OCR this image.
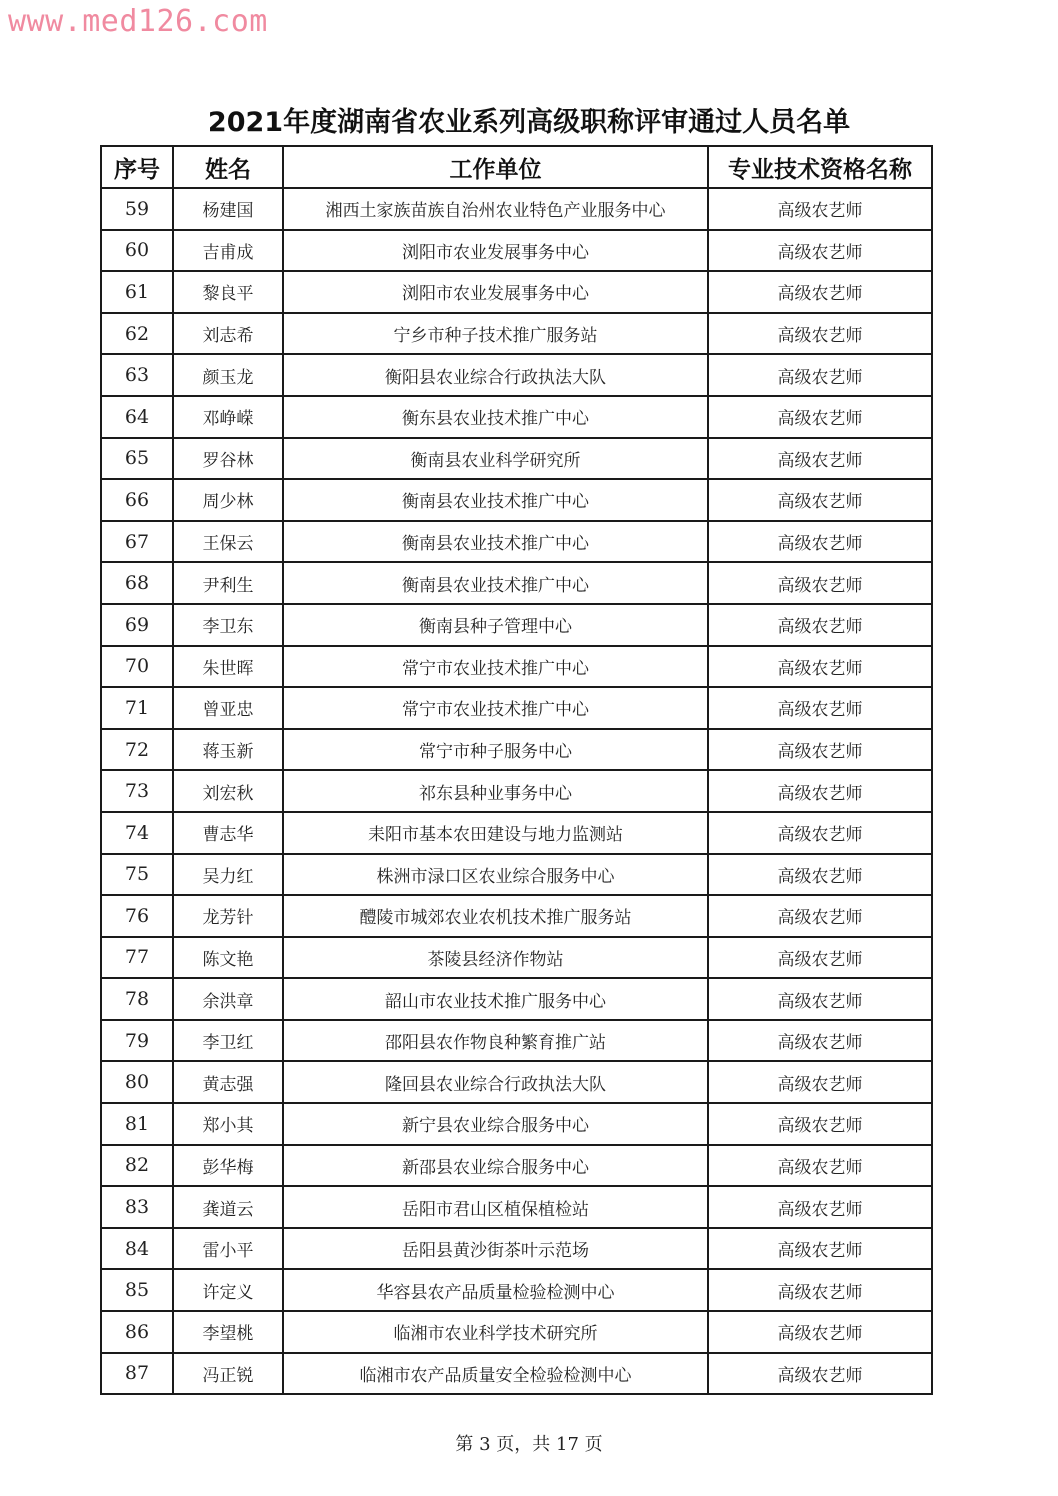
www.med126.com
2021年度湖南省农业系列高级职称评审通过人员名单
序号	姓名	工作单位	专业技术资格名称
59	杨建国	湘西土家族苗族自治州农业特色产业服务中心	高级农艺师
60	吉甫成	浏阳市农业发展事务中心	高级农艺师
61	黎良平	浏阳市农业发展事务中心	高级农艺师
62	刘志希	宁乡市种子技术推广服务站	高级农艺师
63	颜玉龙	衡阳县农业综合行政执法大队	高级农艺师
64	邓峥嵘	衡东县农业技术推广中心	高级农艺师
65	罗谷林	衡南县农业科学研究所	高级农艺师
66	周少林	衡南县农业技术推广中心	高级农艺师
67	王保云	衡南县农业技术推广中心	高级农艺师
68	尹利生	衡南县农业技术推广中心	高级农艺师
69	李卫东	衡南县种子管理中心	高级农艺师
70	朱世晖	常宁市农业技术推广中心	高级农艺师
71	曾亚忠	常宁市农业技术推广中心	高级农艺师
72	蒋玉新	常宁市种子服务中心	高级农艺师
73	刘宏秋	祁东县种业事务中心	高级农艺师
74	曹志华	耒阳市基本农田建设与地力监测站	高级农艺师
75	吴力红	株洲市渌口区农业综合服务中心	高级农艺师
76	龙芳针	醴陵市城郊农业农机技术推广服务站	高级农艺师
77	陈文艳	茶陵县经济作物站	高级农艺师
78	余洪章	韶山市农业技术推广服务中心	高级农艺师
79	李卫红	邵阳县农作物良种繁育推广站	高级农艺师
80	黄志强	隆回县农业综合行政执法大队	高级农艺师
81	郑小其	新宁县农业综合服务中心	高级农艺师
82	彭华梅	新邵县农业综合服务中心	高级农艺师
83	龚道云	岳阳市君山区植保植检站	高级农艺师
84	雷小平	岳阳县黄沙街茶叶示范场	高级农艺师
85	许定义	华容县农产品质量检验检测中心	高级农艺师
86	李望桃	临湘市农业科学技术研究所	高级农艺师
87	冯正锐	临湘市农产品质量安全检验检测中心	高级农艺师
第 3 页，共 17 页
